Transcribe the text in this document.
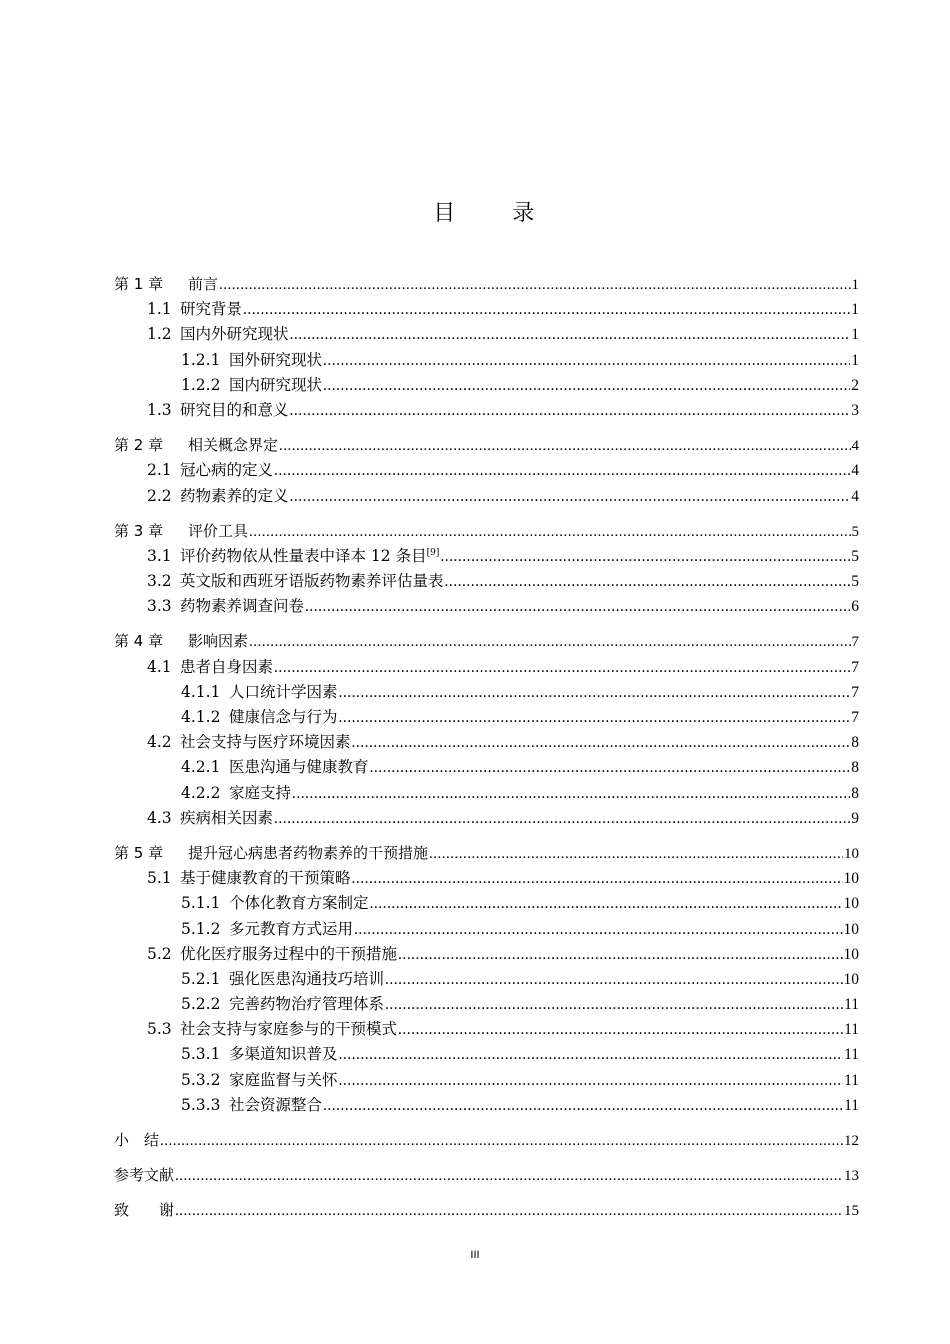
目　录
第 1 章	前言 .....	1
1.1 研究背景 .....	1
1.2 国内外研究现状 .....	1
1.2.1 国外研究现状 .....	1
1.2.2 国内研究现状 .....	2
1.3 研究目的和意义 .....	3
第 2 章	相关概念界定 .....	4
2.1 冠心病的定义 .....	4
2.2 药物素养的定义 .....	4
第 3 章	评价工具 .....	5
3.1 评价药物依从性量表中译本 12 条目[9] .....	5
3.2 英文版和西班牙语版药物素养评估量表 .....	5
3.3 药物素养调查问卷 .....	6
第 4 章	影响因素 .....	7
4.1 患者自身因素 .....	7
4.1.1 人口统计学因素 .....	7
4.1.2 健康信念与行为 .....	7
4.2 社会支持与医疗环境因素 .....	8
4.2.1 医患沟通与健康教育 .....	8
4.2.2 家庭支持 .....	8
4.3 疾病相关因素 .....	9
第 5 章	提升冠心病患者药物素养的干预措施 .....	10
5.1 基于健康教育的干预策略 .....	10
5.1.1 个体化教育方案制定 .....	10
5.1.2 多元教育方式运用 .....	10
5.2 优化医疗服务过程中的干预措施 .....	10
5.2.1 强化医患沟通技巧培训 .....	10
5.2.2 完善药物治疗管理体系 .....	11
5.3 社会支持与家庭参与的干预模式 .....	11
5.3.1 多渠道知识普及 .....	11
5.3.2 家庭监督与关怀 .....	11
5.3.3 社会资源整合 .....	11
小　结 .....	12
参考文献 .....	13
致　　谢 .....	15
III
